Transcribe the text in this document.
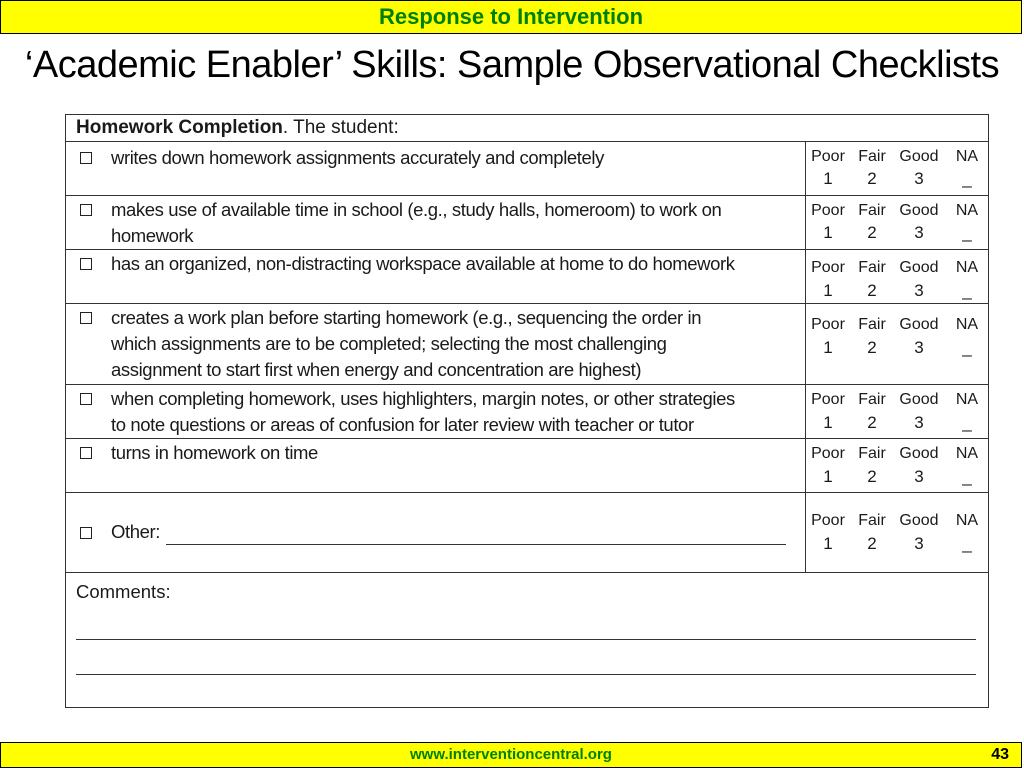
Response to Intervention
‘Academic Enabler’ Skills: Sample Observational Checklists
Homework Completion. The student:
writes down homework assignments accurately and completely	Poor Fair Good	NA
1	2	3	_
makes use of available time in school (e.g., study halls, homeroom) to work on
homework
Poor Fair Good	NA
1	2	3	_
has an organized, non-distracting workspace available at home to do homework	Poor Fair Good	NA
1	2	3	_
creates a work plan before starting homework (e.g., sequencing the order in
which assignments are to be completed; selecting the most challenging
assignment to start first when energy and concentration are highest)
Poor Fair Good	NA
1	2	3	_
when completing homework, uses highlighters, margin notes, or other strategies
to note questions or areas of confusion for later review with teacher or tutor
Poor Fair Good	NA
1	2	3	_
turns in homework on time	Poor Fair Good	NA
1	2	3	_
Other:
Poor Fair Good	NA
1	2	3	_
Comments:
www.interventioncentral.org	43
